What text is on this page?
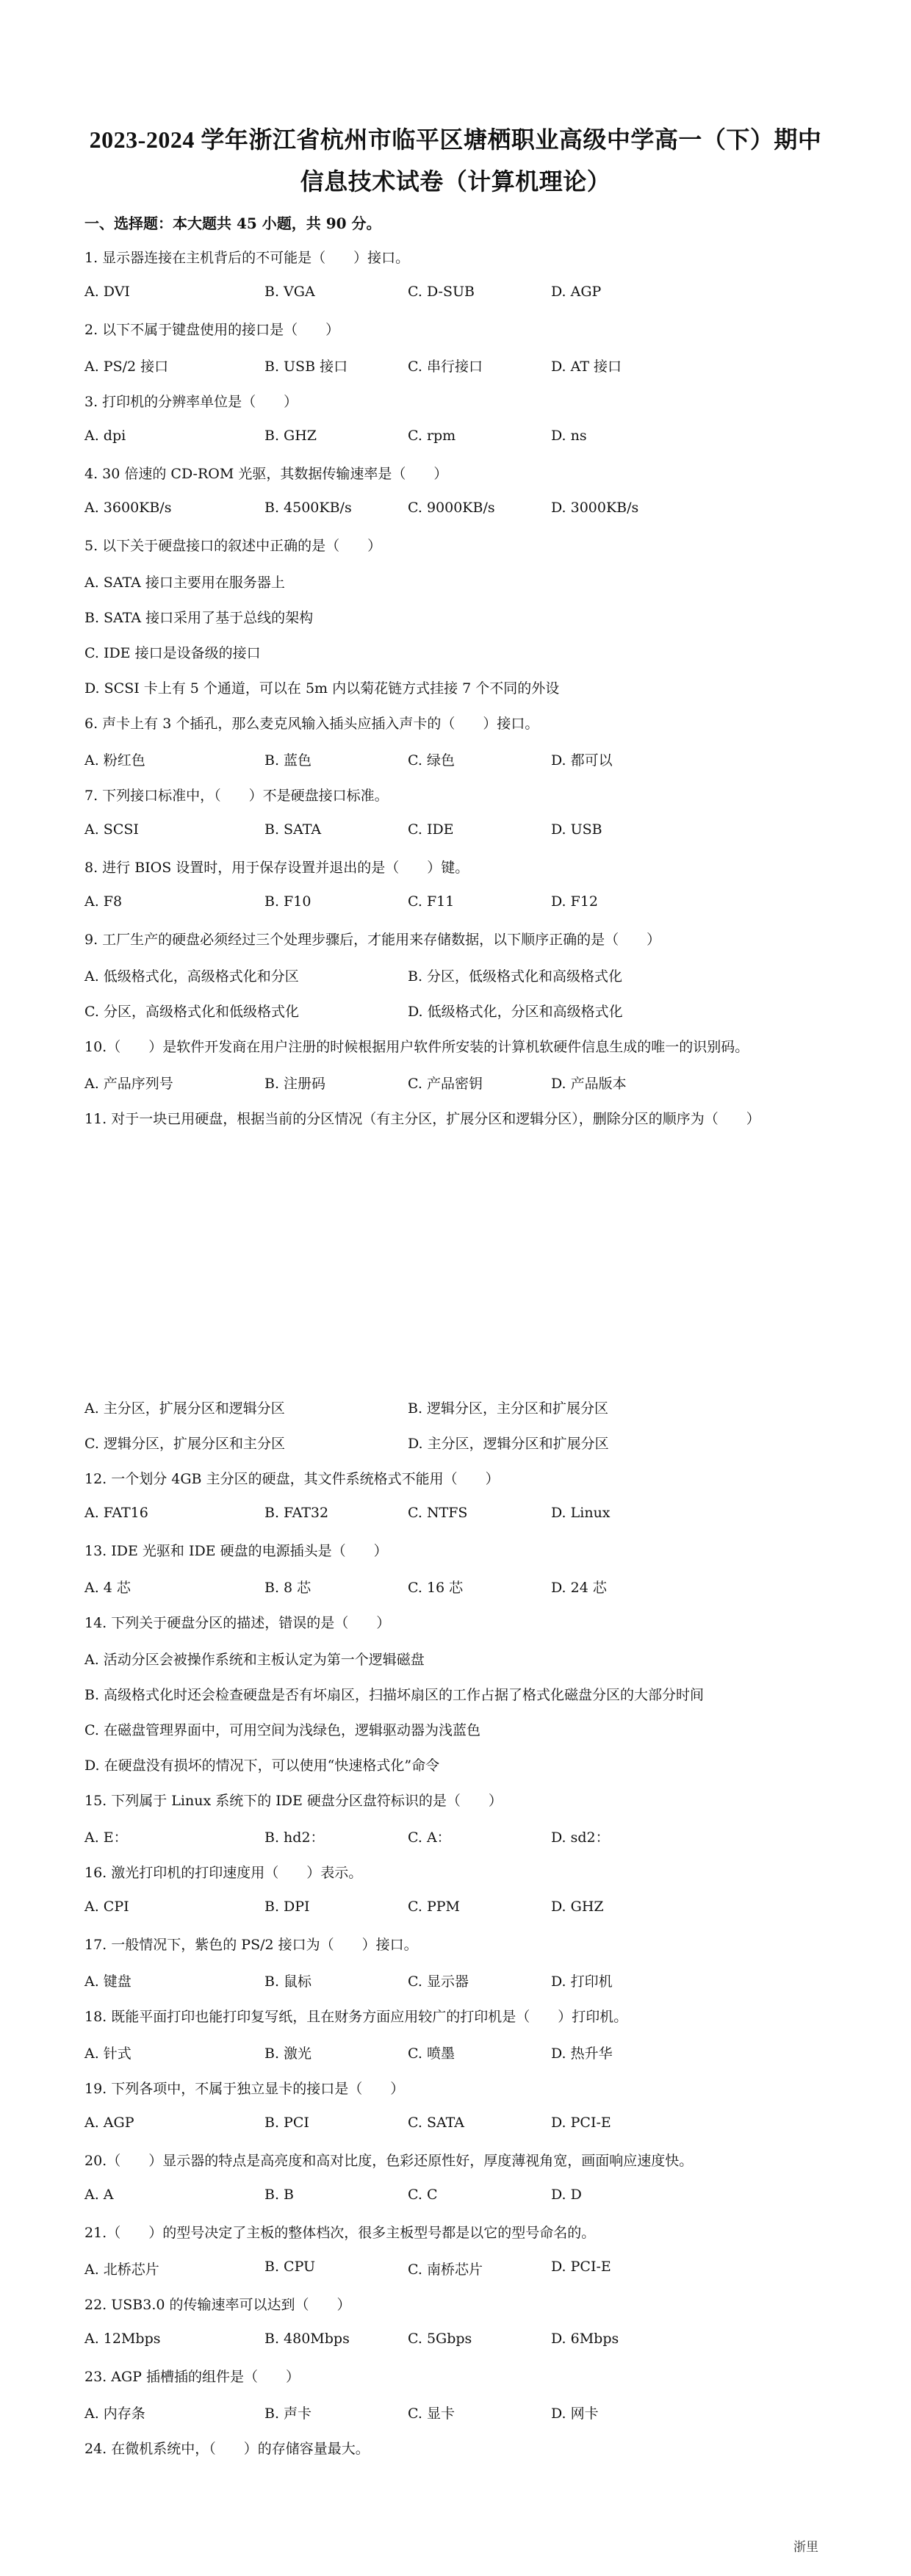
2023-2024 学年浙江省杭州市临平区塘栖职业高级中学高一（下）期中
信息技术试卷（计算机理论）
一、选择题：本大题共 45 小题，共 90 分。
1. 显示器连接在主机背后的不可能是（　　）接口。
A. DVI	B. VGA	C. D-SUB	D. AGP
2. 以下不属于键盘使用的接口是（　　）
A. PS/2 接口	B. USB 接口	C. 串行接口	D. AT 接口
3. 打印机的分辨率单位是（　　）
A. dpi	B. GHZ	C. rpm	D. ns
4. 30 倍速的 CD-ROM 光驱，其数据传输速率是（　　）
A. 3600KB/s	B. 4500KB/s	C. 9000KB/s	D. 3000KB/s
5. 以下关于硬盘接口的叙述中正确的是（　　）
A. SATA 接口主要用在服务器上
B. SATA 接口采用了基于总线的架构
C. IDE 接口是设备级的接口
D. SCSI 卡上有 5 个通道，可以在 5m 内以菊花链方式挂接 7 个不同的外设
6. 声卡上有 3 个插孔，那么麦克风输入插头应插入声卡的（　　）接口。
A. 粉红色	B. 蓝色	C. 绿色	D. 都可以
7. 下列接口标准中，（　　）不是硬盘接口标准。
A. SCSI	B. SATA	C. IDE	D. USB
8. 进行 BIOS 设置时，用于保存设置并退出的是（　　）键。
A. F8	B. F10	C. F11	D. F12
9. 工厂生产的硬盘必须经过三个处理步骤后，才能用来存储数据，以下顺序正确的是（　　）
A. 低级格式化，高级格式化和分区	B. 分区，低级格式化和高级格式化
C. 分区，高级格式化和低级格式化	D. 低级格式化，分区和高级格式化
10.（　　）是软件开发商在用户注册的时候根据用户软件所安装的计算机软硬件信息生成的唯一的识别码。
A. 产品序列号	B. 注册码	C. 产品密钥	D. 产品版本
11. 对于一块已用硬盘，根据当前的分区情况（有主分区，扩展分区和逻辑分区），删除分区的顺序为（　　）
A. 主分区，扩展分区和逻辑分区	B. 逻辑分区，主分区和扩展分区
C. 逻辑分区，扩展分区和主分区	D. 主分区，逻辑分区和扩展分区
12. 一个划分 4GB 主分区的硬盘，其文件系统格式不能用（　　）
A. FAT16	B. FAT32	C. NTFS	D. Linux
13. IDE 光驱和 IDE 硬盘的电源插头是（　　）
A. 4 芯	B. 8 芯	C. 16 芯	D. 24 芯
14. 下列关于硬盘分区的描述，错误的是（　　）
A. 活动分区会被操作系统和主板认定为第一个逻辑磁盘
B. 高级格式化时还会检查硬盘是否有坏扇区，扫描坏扇区的工作占据了格式化磁盘分区的大部分时间
C. 在磁盘管理界面中，可用空间为浅绿色，逻辑驱动器为浅蓝色
D. 在硬盘没有损坏的情况下，可以使用“快速格式化”命令
15. 下列属于 Linux 系统下的 IDE 硬盘分区盘符标识的是（　　）
A. E：	B. hd2：	C. A：	D. sd2：
16. 激光打印机的打印速度用（　　）表示。
A. CPI	B. DPI	C. PPM	D. GHZ
17. 一般情况下，紫色的 PS/2 接口为（　　）接口。
A. 键盘	B. 鼠标	C. 显示器	D. 打印机
18. 既能平面打印也能打印复写纸，且在财务方面应用较广的打印机是（　　）打印机。
A. 针式	B. 激光	C. 喷墨	D. 热升华
19. 下列各项中，不属于独立显卡的接口是（　　）
A. AGP	B. PCI	C. SATA	D. PCI-E
20.（　　）显示器的特点是高亮度和高对比度，色彩还原性好，厚度薄视角宽，画面响应速度快。
A. A	B. B	C. C	D. D
21.（　　）的型号决定了主板的整体档次，很多主板型号都是以它的型号命名的。
A. 北桥芯片	B. CPU	C. 南桥芯片	D. PCI-E
22. USB3.0 的传输速率可以达到（　　）
A. 12Mbps	B. 480Mbps	C. 5Gbps	D. 6Mbps
23. AGP 插槽插的组件是（　　）
A. 内存条	B. 声卡	C. 显卡	D. 网卡
24. 在微机系统中，（　　）的存储容量最大。
浙里
